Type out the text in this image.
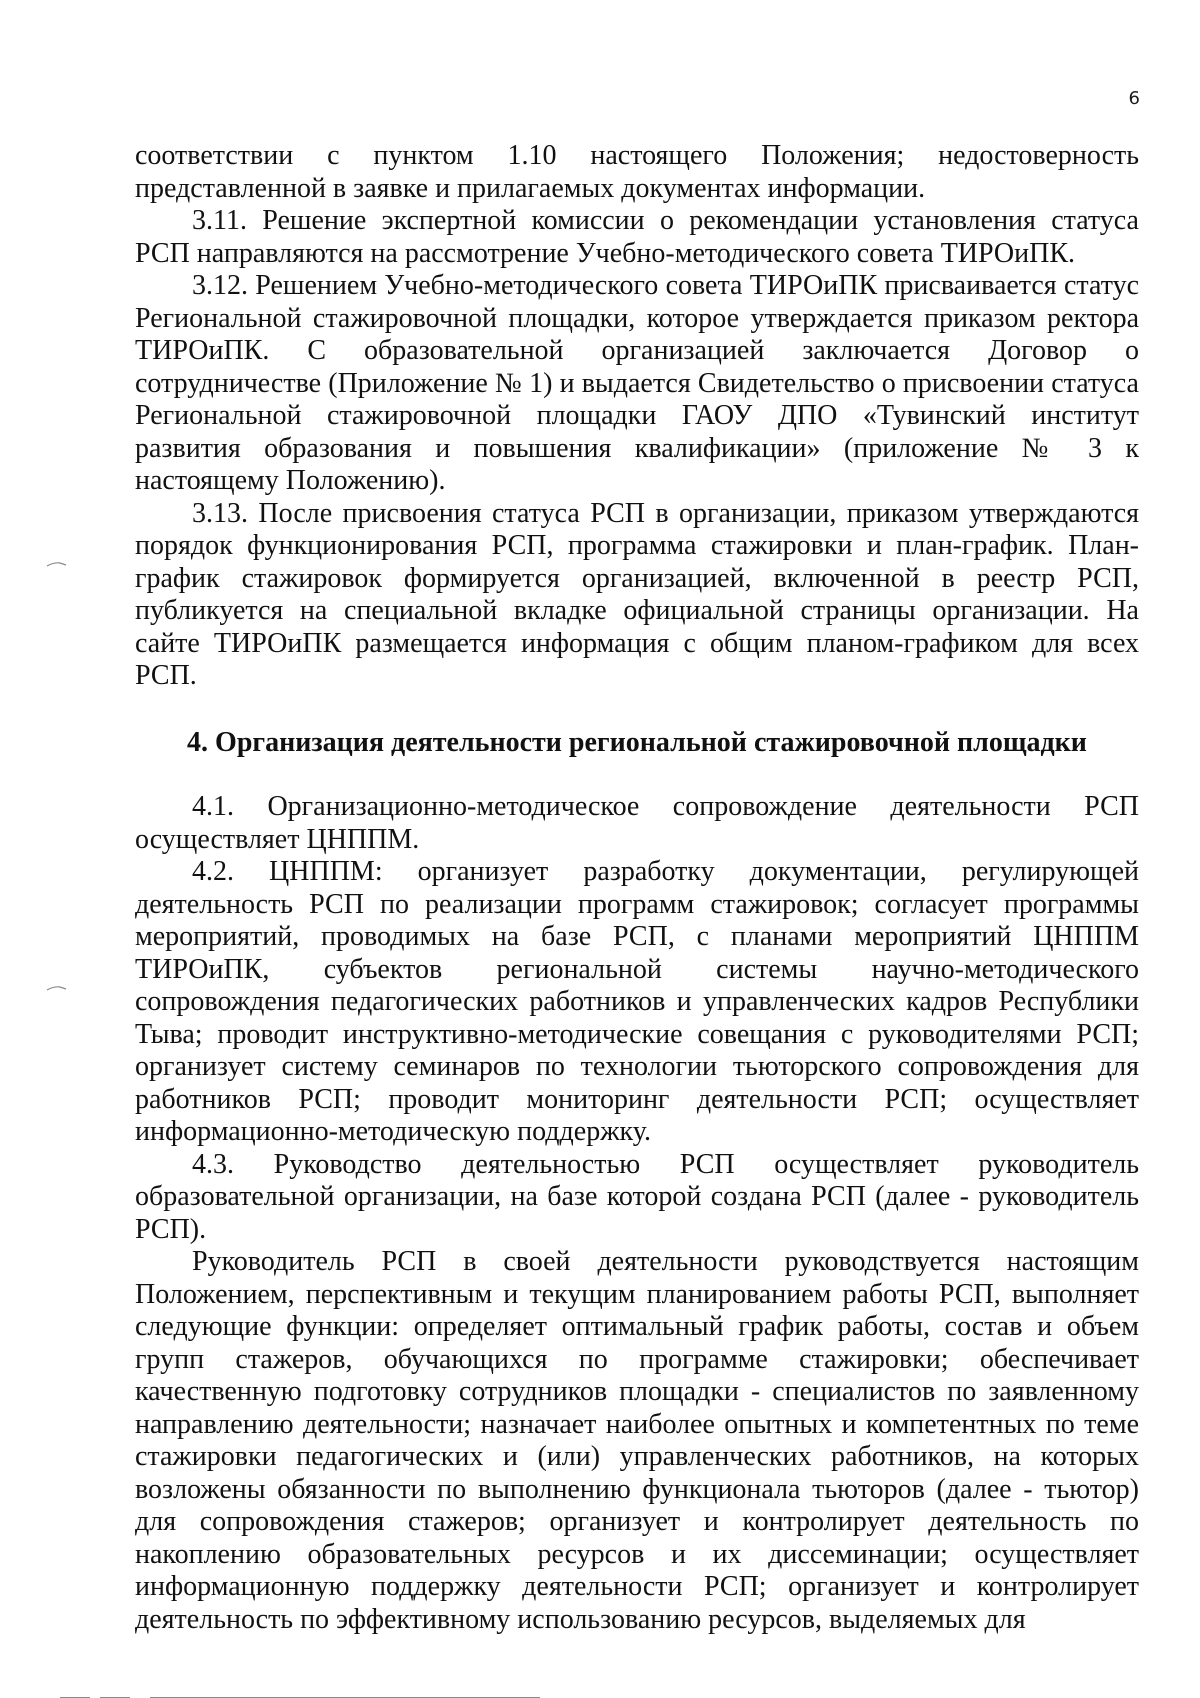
6

соответствии с пунктом 1.10 настоящего Положения; недостоверность представленной в заявке и прилагаемых документах информации.

3.11. Решение экспертной комиссии о рекомендации установления статуса РСП направляются на рассмотрение Учебно-методического совета ТИРОиПК.

3.12. Решением Учебно-методического совета ТИРОиПК присваивается статус Региональной стажировочной площадки, которое утверждается приказом ректора ТИРОиПК. С образовательной организацией заключается Договор о сотрудничестве (Приложение № 1) и выдается Свидетельство о присвоении статуса Региональной стажировочной площадки ГАОУ ДПО «Тувинский институт развития образования и повышения квалификации» (приложение № 3 к настоящему Положению).

3.13. После присвоения статуса РСП в организации, приказом утверждаются порядок функционирования РСП, программа стажировки и план-график. План-график стажировок формируется организацией, включенной в реестр РСП, публикуется на специальной вкладке официальной страницы организации. На сайте ТИРОиПК размещается информация с общим планом-графиком для всех РСП.

4. Организация деятельности региональной стажировочной площадки

4.1. Организационно-методическое сопровождение деятельности РСП осуществляет ЦНППМ.

4.2. ЦНППМ: организует разработку документации, регулирующей деятельность РСП по реализации программ стажировок; согласует программы мероприятий, проводимых на базе РСП, с планами мероприятий ЦНППМ ТИРОиПК, субъектов региональной системы научно-методического сопровождения педагогических работников и управленческих кадров Республики Тыва; проводит инструктивно-методические совещания с руководителями РСП; организует систему семинаров по технологии тьюторского сопровождения для работников РСП; проводит мониторинг деятельности РСП; осуществляет информационно-методическую поддержку.

4.3. Руководство деятельностью РСП осуществляет руководитель образовательной организации, на базе которой создана РСП (далее - руководитель РСП).

Руководитель РСП в своей деятельности руководствуется настоящим Положением, перспективным и текущим планированием работы РСП, выполняет следующие функции: определяет оптимальный график работы, состав и объем групп стажеров, обучающихся по программе стажировки; обеспечивает качественную подготовку сотрудников площадки - специалистов по заявленному направлению деятельности; назначает наиболее опытных и компетентных по теме стажировки педагогических и (или) управленческих работников, на которых возложены обязанности по выполнению функционала тьюторов (далее - тьютор) для сопровождения стажеров; организует и контролирует деятельность по накоплению образовательных ресурсов и их диссеминации; осуществляет информационную поддержку деятельности РСП; организует и контролирует деятельность по эффективному использованию ресурсов, выделяемых для
